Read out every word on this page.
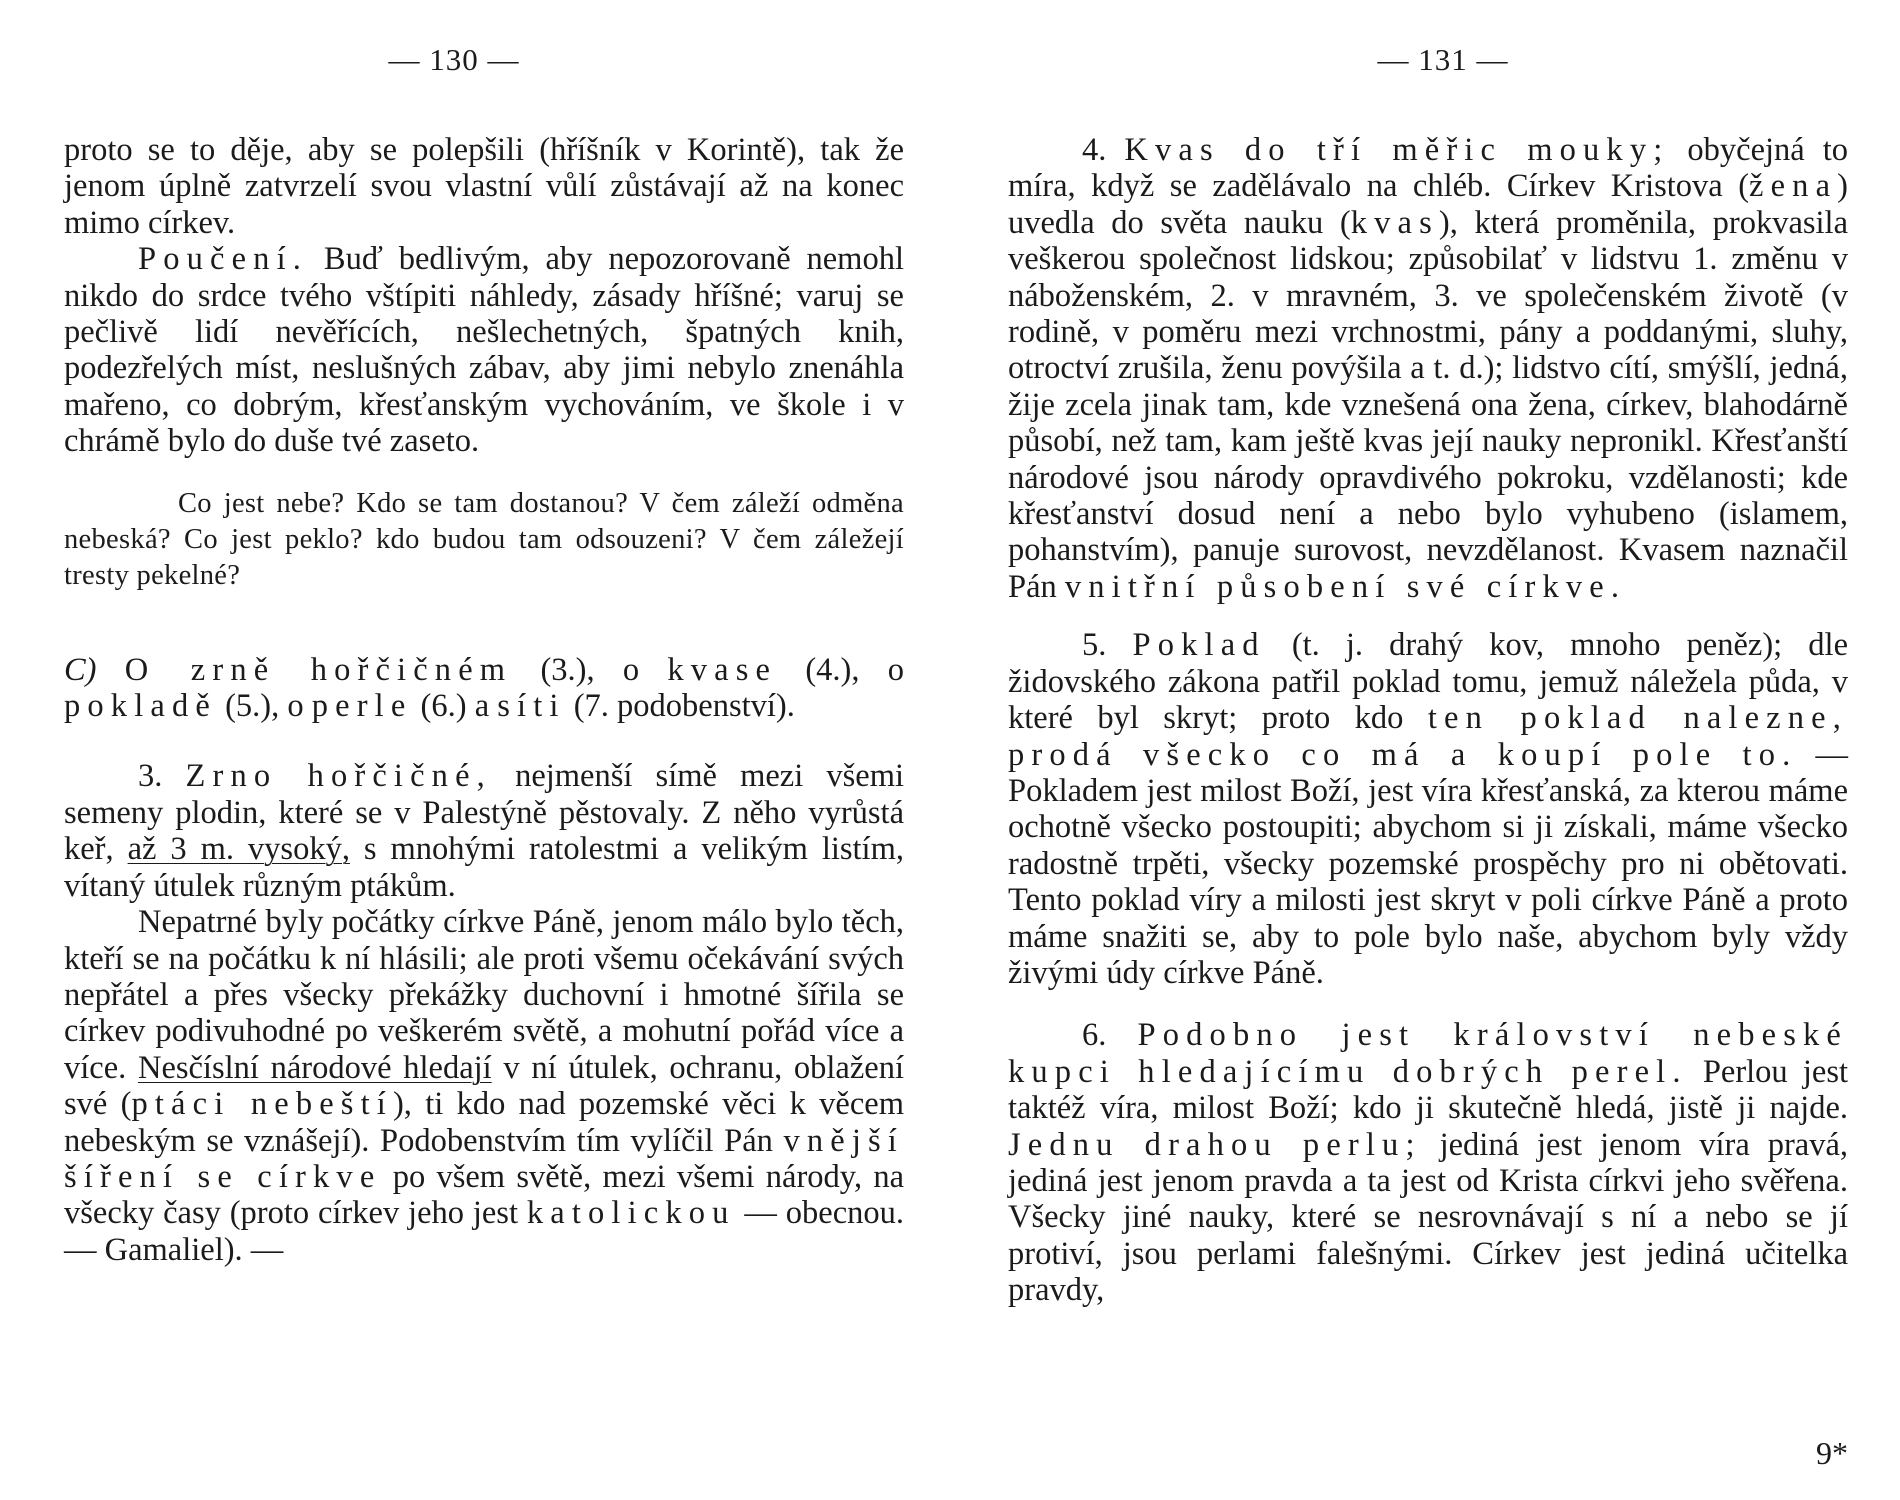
— 130 —

proto se to děje, aby se polepšili (hříšník v Korintě), tak že jenom úplně zatvrzelí svou vlastní vůlí zůstávají až na konec mimo církev.

Poučení. Buď bedlivým, aby nepozorovaně nemohl nikdo do srdce tvého vštípiti náhledy, zásady hříšné; varuj se pečlivě lidí nevěřících, nešlechetných, špatných knih, podezřelých míst, neslušných zábav, aby jimi nebylo znenáhla mařeno, co dobrým, křesťanským vychováním, ve škole i v chrámě bylo do duše tvé zaseto.

Co jest nebe? Kdo se tam dostanou? V čem záleží odměna nebeská? Co jest peklo? kdo budou tam odsouzeni? V čem záležejí tresty pekelné?

C) O zrně hořčičném (3.), o kvase (4.), o pokladě (5.), o perle (6.) a síti (7. podobenství).

3. Zrno hořčičné, nejmenší símě mezi všemi semeny plodin, které se v Palestýně pěstovaly. Z něho vyrůstá keř, až 3 m. vysoký, s mnohými ratolestmi a velikým listím, vítaný útulek různým ptákům.

Nepatrné byly počátky církve Páně, jenom málo bylo těch, kteří se na počátku k ní hlásili; ale proti všemu očekávání svých nepřátel a přes všecky překážky duchovní i hmotné šířila se církev podivuhodné po veškerém světě, a mohutní pořád více a více. Nesčíslní národové hledají v ní útulek, ochranu, oblažení své (ptáci nebeští), ti kdo nad pozemské věci k věcem nebeským se vznášejí). Podobenstvím tím vylíčil Pán vnější šíření se církve po všem světě, mezi všemi národy, na všecky časy (proto církev jeho jest katolickou — obecnou. — Gamaliel). —

— 131 —

4. Kvas do tří měřic mouky; obyčejná to míra, když se zadělávalo na chléb. Církev Kristova (žena) uvedla do světa nauku (kvas), která proměnila, prokvasila veškerou společnost lidskou; způsobilať v lidstvu 1. změnu v náboženském, 2. v mravném, 3. ve společenském životě (v rodině, v poměru mezi vrchnostmi, pány a poddanými, sluhy, otroctví zrušila, ženu povýšila a t. d.); lidstvo cítí, smýšlí, jedná, žije zcela jinak tam, kde vznešená ona žena, církev, blahodárně působí, než tam, kam ještě kvas její nauky nepronikl. Křesťanští národové jsou národy opravdivého pokroku, vzdělanosti; kde křesťanství dosud není a nebo bylo vyhubeno (islamem, pohanstvím), panuje surovost, nevzdělanost. Kvasem naznačil Pán vnitřní působení své církve.

5. Poklad (t. j. drahý kov, mnoho peněz); dle židovského zákona patřil poklad tomu, jemuž náležela půda, v které byl skryt; proto kdo ten poklad nalezne, prodá všecko co má a koupí pole to. — Pokladem jest milost Boží, jest víra křesťanská, za kterou máme ochotně všecko postoupiti; abychom si ji získali, máme všecko radostně trpěti, všecky pozemské prospěchy pro ni obětovati. Tento poklad víry a milosti jest skryt v poli církve Páně a proto máme snažiti se, aby to pole bylo naše, abychom byly vždy živými údy církve Páně.

6. Podobno jest království nebeské kupci hledajícímu dobrých perel. Perlou jest taktéž víra, milost Boží; kdo ji skutečně hledá, jistě ji najde. Jednu drahou perlu; jediná jest jenom víra pravá, jediná jest jenom pravda a ta jest od Krista církvi jeho svěřena. Všecky jiné nauky, které se nesrovnávají s ní a nebo se jí protiví, jsou perlami falešnými. Církev jest jediná učitelka pravdy,

9*
